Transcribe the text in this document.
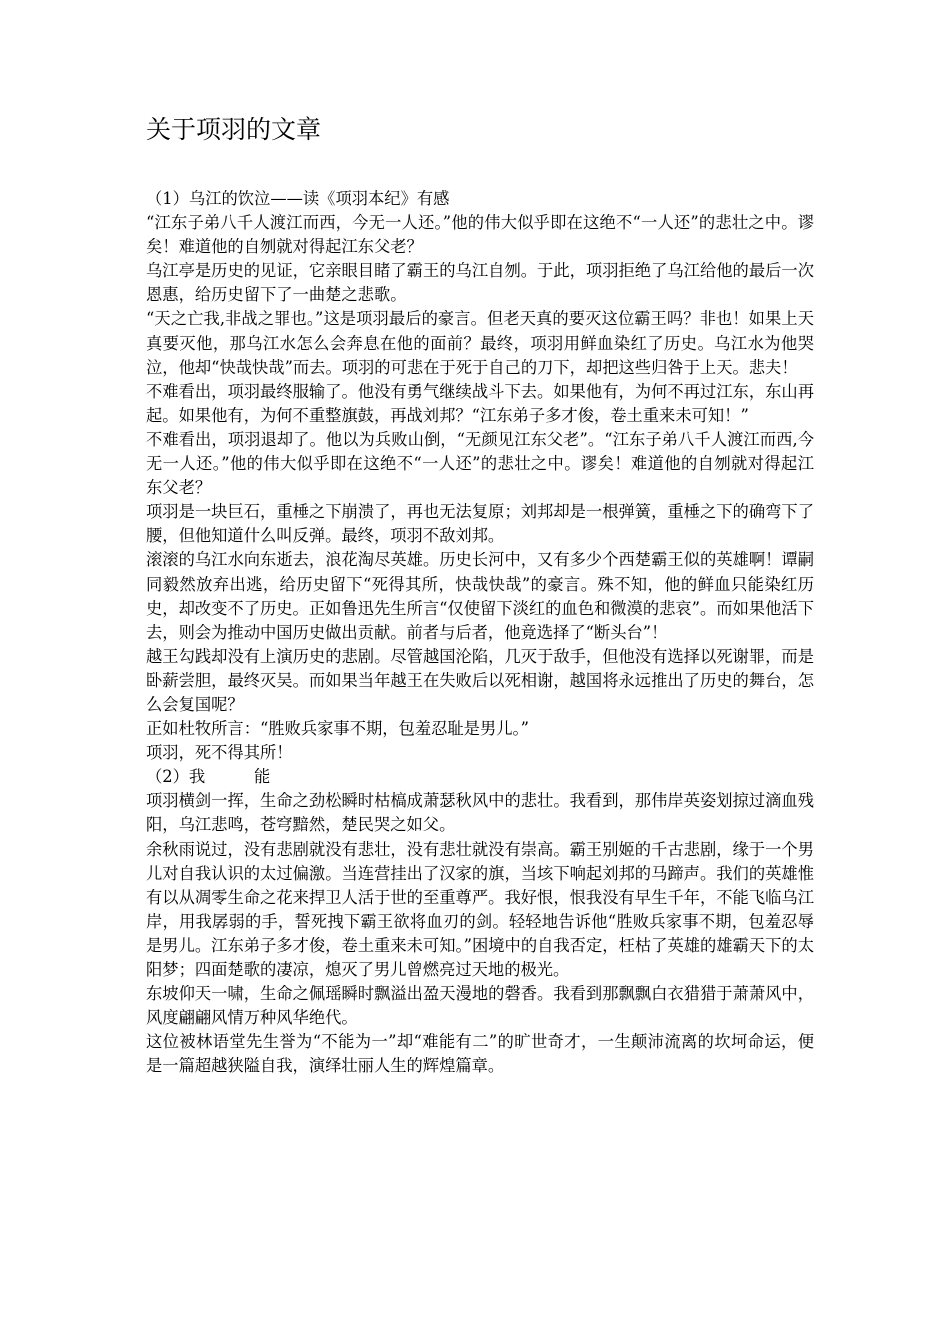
关于项羽的文章

（1）乌江的饮泣——读《项羽本纪》有感

“江东子弟八千人渡江而西，今无一人还。”他的伟大似乎即在这绝不“一人还”的悲壮之中。谬矣！难道他的自刎就对得起江东父老？

乌江亭是历史的见证，它亲眼目睹了霸王的乌江自刎。于此，项羽拒绝了乌江给他的最后一次恩惠，给历史留下了一曲楚之悲歌。

“天之亡我,非战之罪也。”这是项羽最后的豪言。但老天真的要灭这位霸王吗？非也！如果上天真要灭他，那乌江水怎么会奔息在他的面前？最终，项羽用鲜血染红了历史。乌江水为他哭泣，他却“快哉快哉”而去。项羽的可悲在于死于自己的刀下，却把这些归咎于上天。悲夫！

不难看出，项羽最终服输了。他没有勇气继续战斗下去。如果他有，为何不再过江东，东山再起。如果他有，为何不重整旗鼓，再战刘邦？“江东弟子多才俊，卷土重来未可知！”

不难看出，项羽退却了。他以为兵败山倒，“无颜见江东父老”。“江东子弟八千人渡江而西,今无一人还。”他的伟大似乎即在这绝不“一人还”的悲壮之中。谬矣！难道他的自刎就对得起江东父老？

项羽是一块巨石，重棰之下崩溃了，再也无法复原；刘邦却是一根弹簧，重棰之下的确弯下了腰，但他知道什么叫反弹。最终，项羽不敌刘邦。

滚滚的乌江水向东逝去，浪花淘尽英雄。历史长河中，又有多少个西楚霸王似的英雄啊！谭嗣同毅然放弃出逃，给历史留下“死得其所，快哉快哉”的豪言。殊不知，他的鲜血只能染红历史，却改变不了历史。正如鲁迅先生所言“仅使留下淡红的血色和微漠的悲哀”。而如果他活下去，则会为推动中国历史做出贡献。前者与后者，他竟选择了“断头台”！

越王勾践却没有上演历史的悲剧。尽管越国沦陷，几灭于敌手，但他没有选择以死谢罪，而是卧薪尝胆，最终灭吴。而如果当年越王在失败后以死相谢，越国将永远推出了历史的舞台，怎么会复国呢？

正如杜牧所言：“胜败兵家事不期，包羞忍耻是男儿。”

项羽，死不得其所！

（2）我　　　能

项羽横剑一挥，生命之劲松瞬时枯槁成萧瑟秋风中的悲壮。我看到，那伟岸英姿划掠过滴血残阳，乌江悲鸣，苍穹黯然，楚民哭之如父。

余秋雨说过，没有悲剧就没有悲壮，没有悲壮就没有崇高。霸王别姬的千古悲剧，缘于一个男儿对自我认识的太过偏激。当连营挂出了汉家的旗，当垓下响起刘邦的马蹄声。我们的英雄惟有以从凋零生命之花来捍卫人活于世的至重尊严。我好恨，恨我没有早生千年，不能飞临乌江岸，用我孱弱的手，誓死拽下霸王欲将血刃的剑。轻轻地告诉他“胜败兵家事不期，包羞忍辱是男儿。江东弟子多才俊，卷土重来未可知。”困境中的自我否定，枉枯了英雄的雄霸天下的太阳梦；四面楚歌的凄凉，熄灭了男儿曾燃亮过天地的极光。

东坡仰天一啸，生命之佩瑶瞬时飘溢出盈天漫地的磬香。我看到那飘飘白衣猎猎于萧萧风中，风度翩翩风情万种风华绝代。

这位被林语堂先生誉为“不能为一”却“难能有二”的旷世奇才，一生颠沛流离的坎坷命运，便是一篇超越狭隘自我，演绎壮丽人生的辉煌篇章。
